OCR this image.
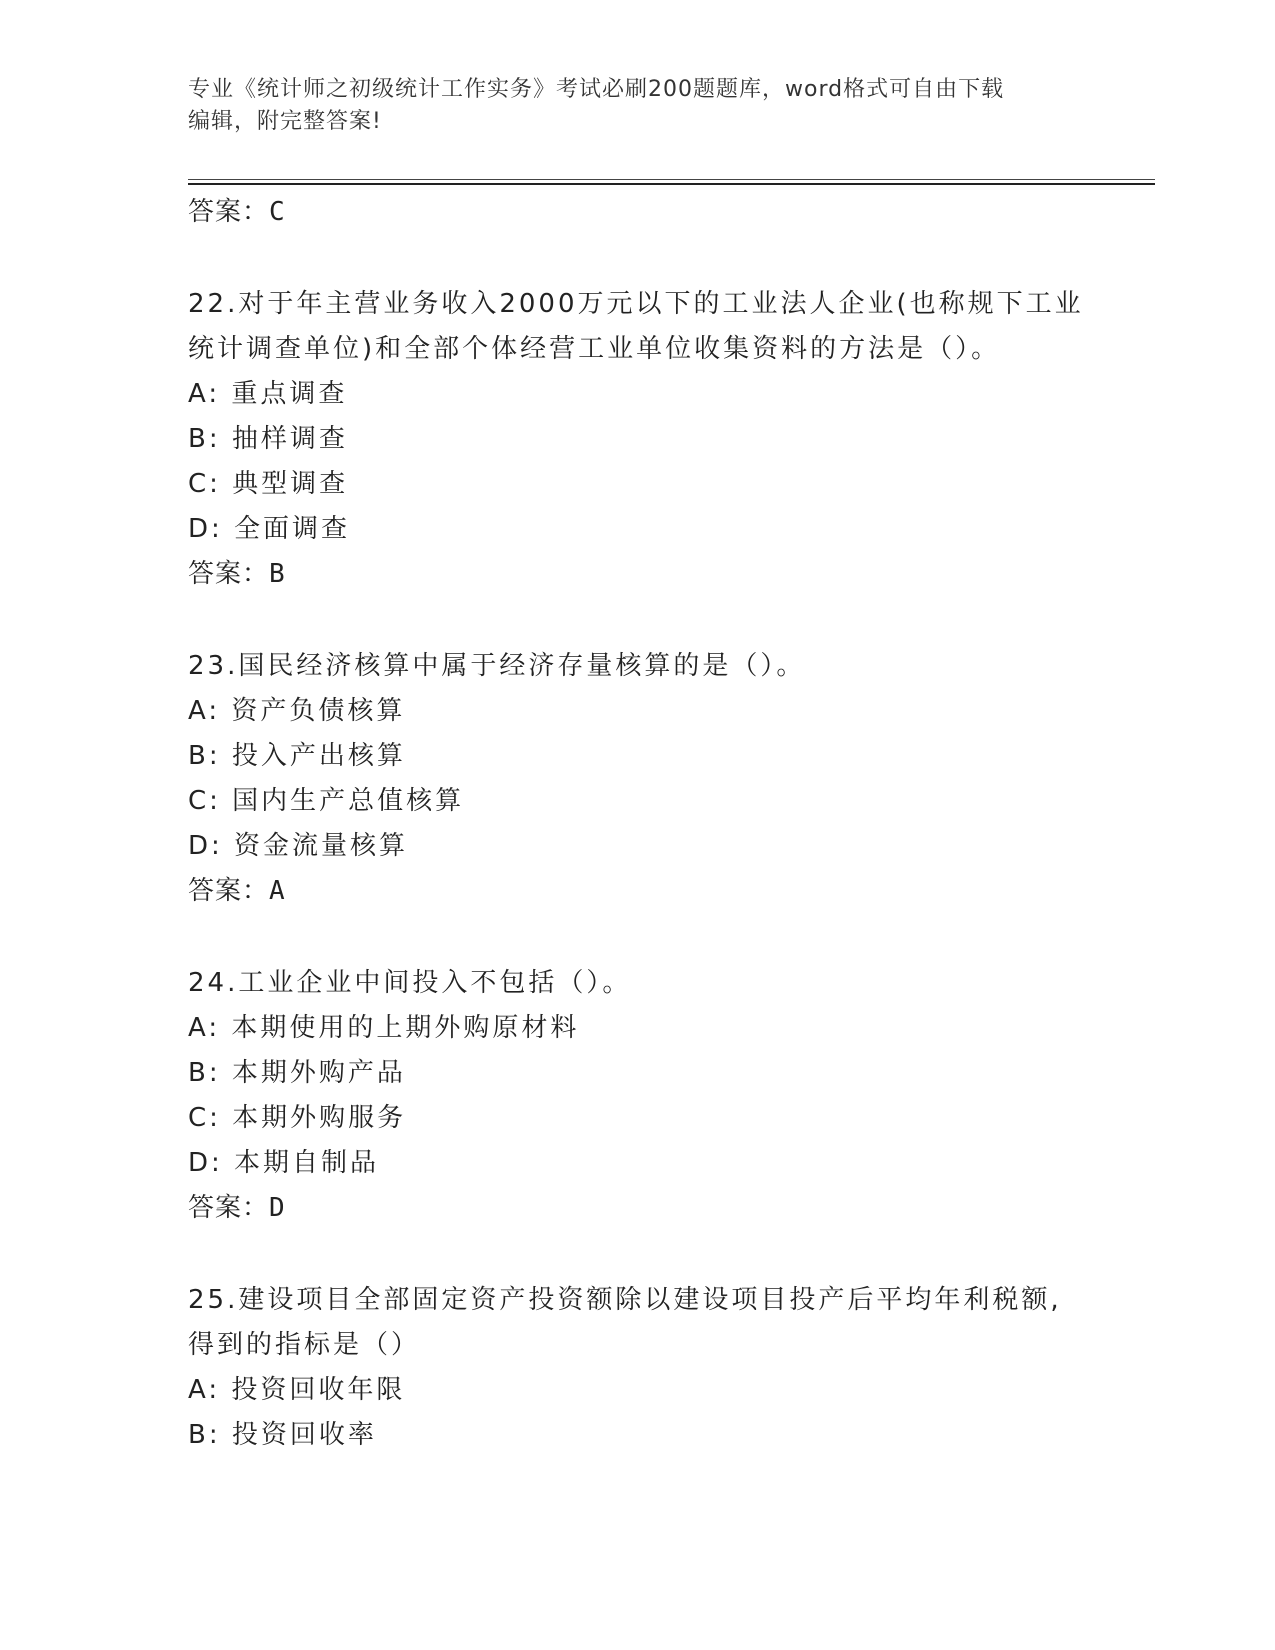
专业《统计师之初级统计工作实务》考试必刷200题题库，word格式可自由下载
编辑，附完整答案!
答案：C
22.对于年主营业务收入2000万元以下的工业法人企业(也称规下工业
统计调查单位)和全部个体经营工业单位收集资料的方法是（）。
A: 重点调查
B: 抽样调查
C: 典型调查
D: 全面调查
答案：B
23.国民经济核算中属于经济存量核算的是（）。
A: 资产负债核算
B: 投入产出核算
C: 国内生产总值核算
D: 资金流量核算
答案：A
24.工业企业中间投入不包括（）。
A: 本期使用的上期外购原材料
B: 本期外购产品
C: 本期外购服务
D: 本期自制品
答案：D
25.建设项目全部固定资产投资额除以建设项目投产后平均年利税额,
得到的指标是（）
A: 投资回收年限
B: 投资回收率
